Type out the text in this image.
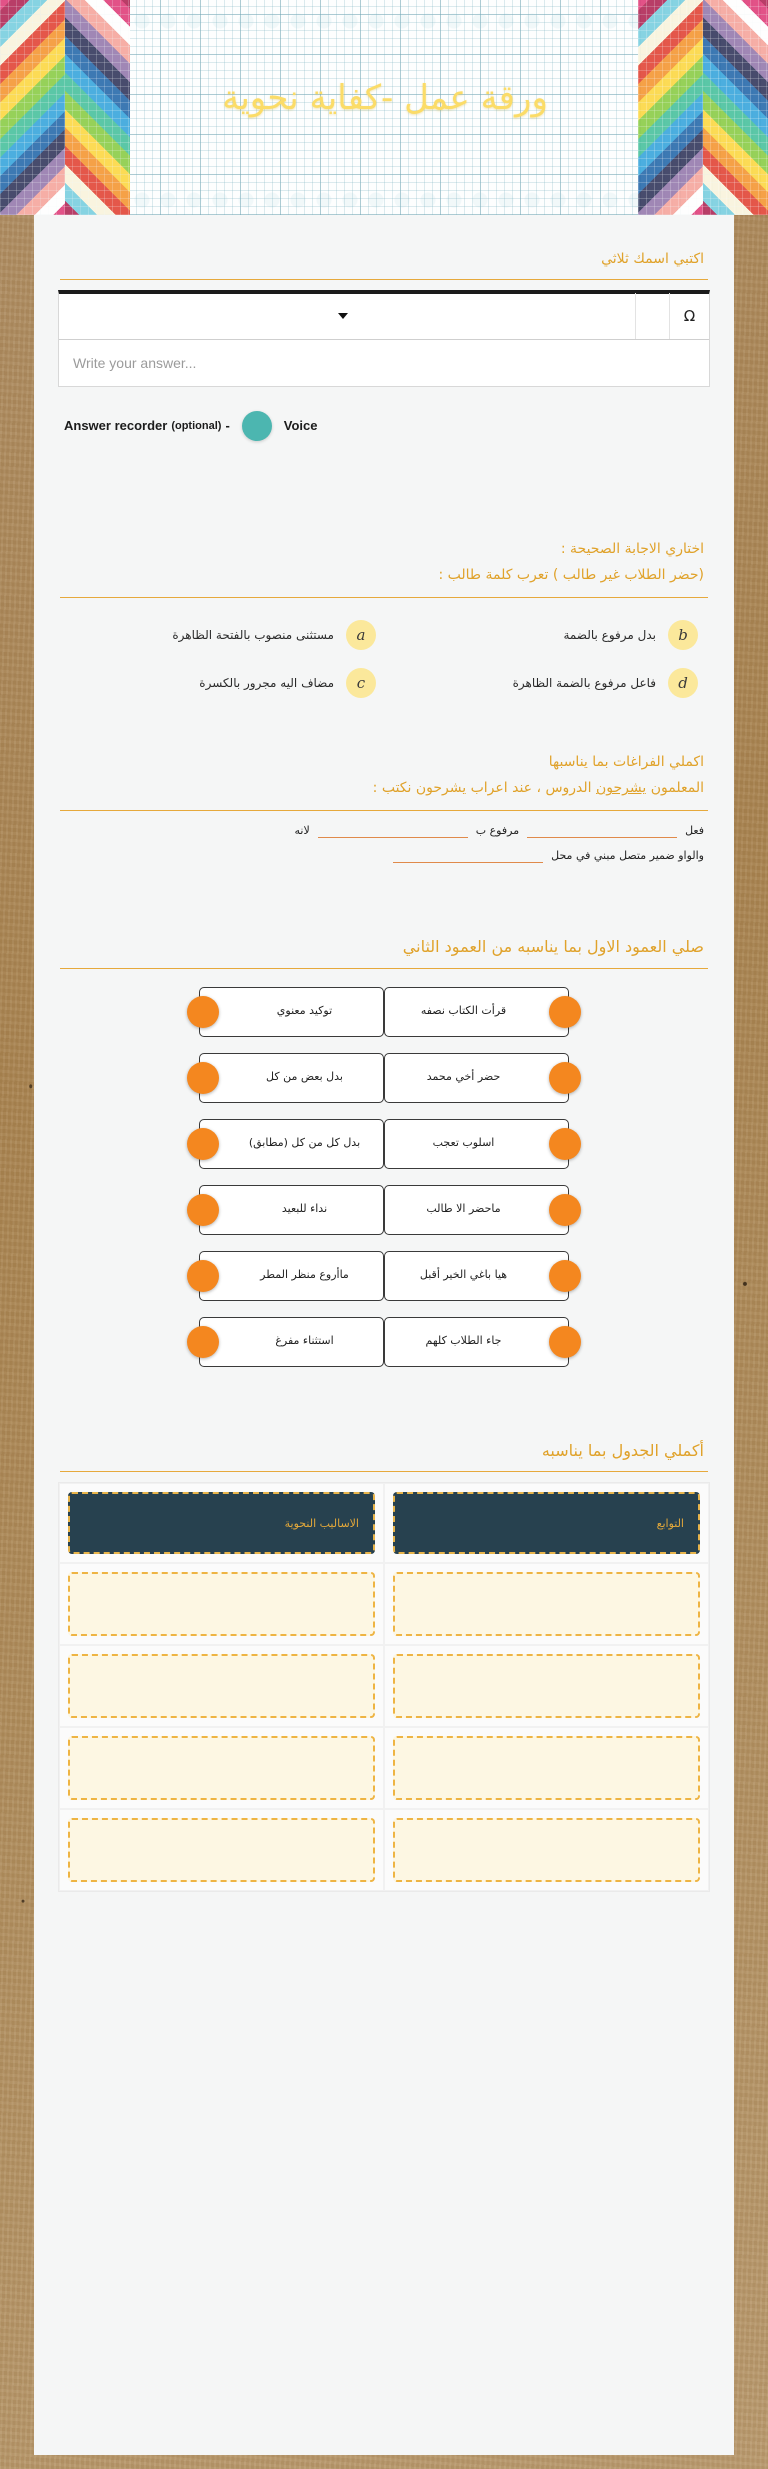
ورقة عمل -كفاية نحوية
اكتبي اسمك ثلاثي
Ω
Write your answer...
Answer recorder (optional) -	Voice
اختاري الاجابة الصحيحة :
(حضر الطلاب غير طالب ) تعرب كلمة طالب :
b
بدل مرفوع بالضمة
a
مستثنى منصوب بالفتحة الظاهرة
d
فاعل مرفوع بالضمة الظاهرة
c
مضاف اليه مجرور بالكسرة
اكملي الفراغات بما يناسبها
المعلمون يشرحون الدروس ، عند اعراب يشرحون نكتب :
فعل
مرفوع ب
لانه
والواو ضمير متصل مبني في محل
صلي العمود الاول بما يناسبه من العمود الثاني
توكيد معنوي	قرأت الكتاب نصفه
بدل بعض من كل	حضر أخي محمد
بدل كل من كل (مطابق)	اسلوب تعجب
نداء للبعيد	ماحضر الا طالب
ماأروع منظر المطر	هيا باغي الخير أقبل
استثناء مفرغ	جاء الطلاب كلهم
أكملي الجدول بما يناسبه
التوابع
الاساليب النحوية
